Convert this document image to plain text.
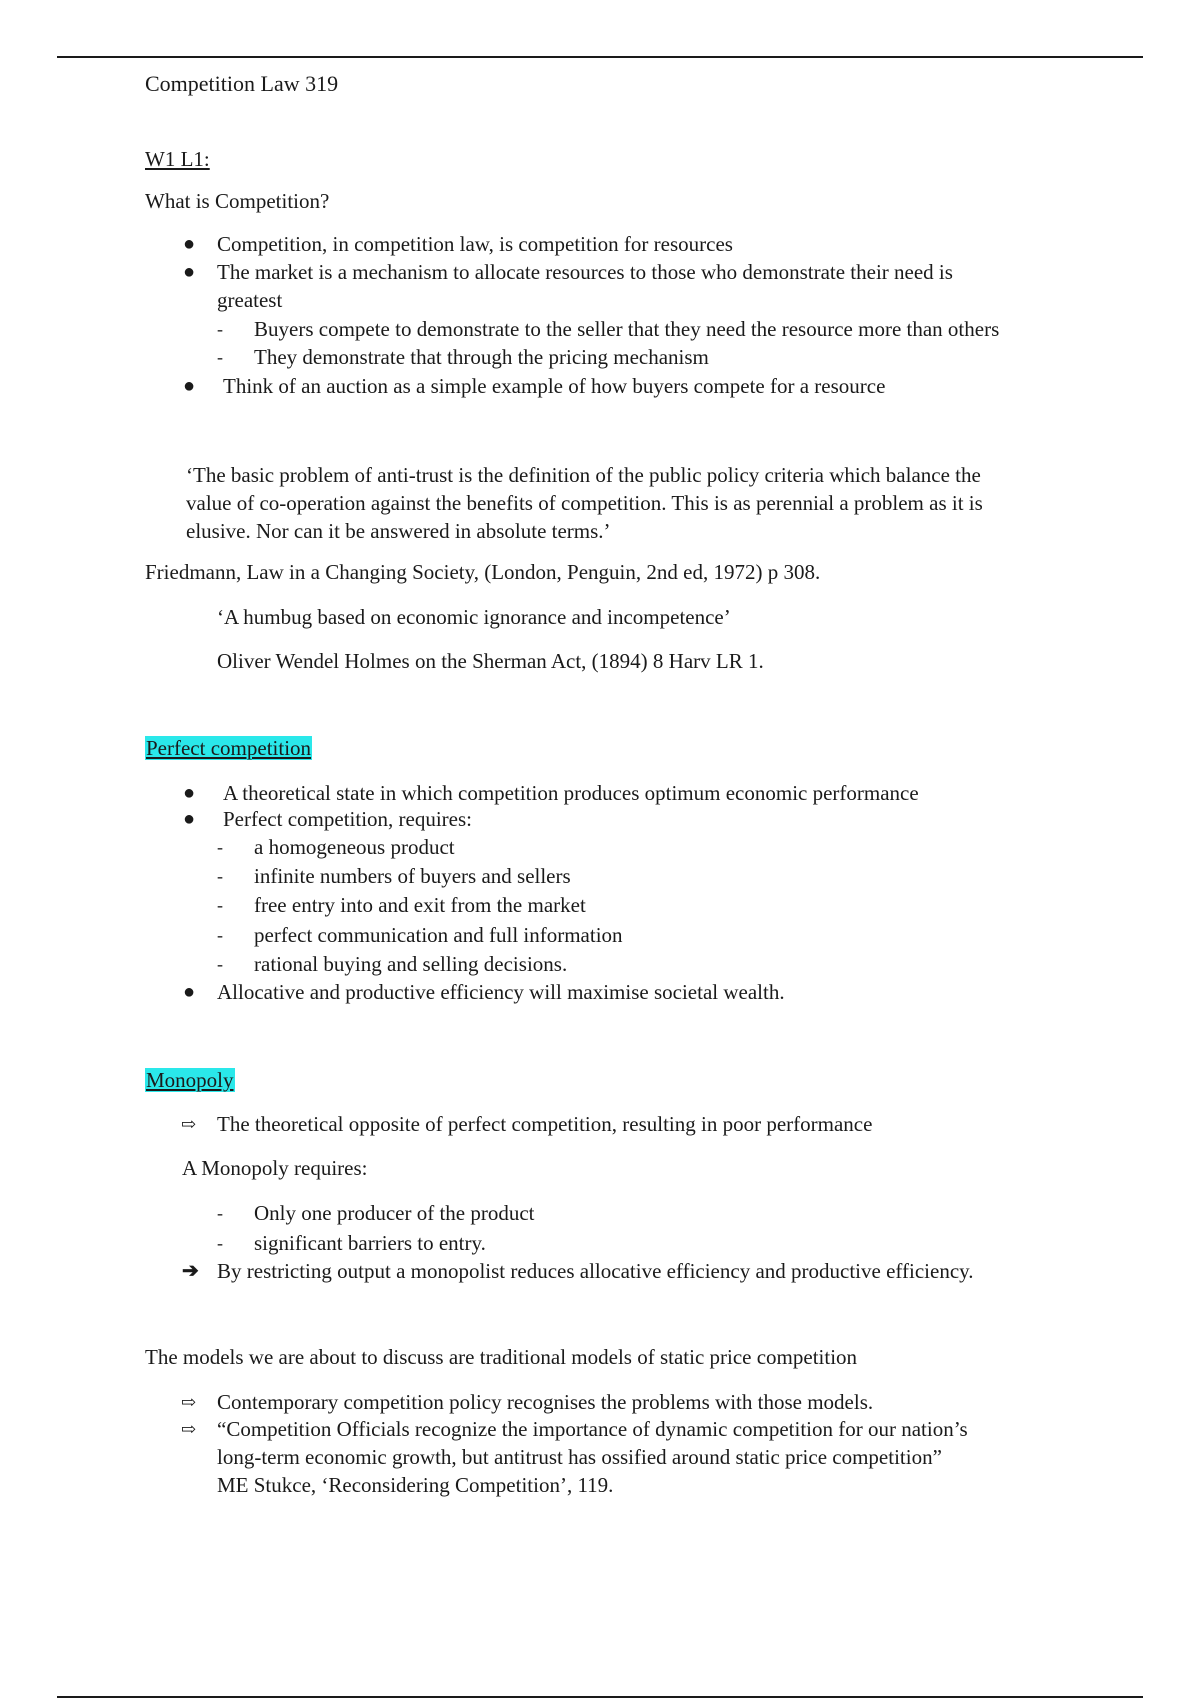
Competition Law 319
W1 L1:
What is Competition?
● Competition, in competition law, is competition for resources
● The market is a mechanism to allocate resources to those who demonstrate their need is
greatest
- Buyers compete to demonstrate to the seller that they need the resource more than others
- They demonstrate that through the pricing mechanism
● Think of an auction as a simple example of how buyers compete for a resource
‘The basic problem of anti-trust is the definition of the public policy criteria which balance the
value of co-operation against the benefits of competition. This is as perennial a problem as it is
elusive. Nor can it be answered in absolute terms.’
Friedmann, Law in a Changing Society, (London, Penguin, 2nd ed, 1972) p 308.
‘A humbug based on economic ignorance and incompetence’
Oliver Wendel Holmes on the Sherman Act, (1894) 8 Harv LR 1.
Perfect competition
● A theoretical state in which competition produces optimum economic performance
● Perfect competition, requires:
- a homogeneous product
- infinite numbers of buyers and sellers
- free entry into and exit from the market
- perfect communication and full information
- rational buying and selling decisions.
● Allocative and productive efficiency will maximise societal wealth.
Monopoly
⇨ The theoretical opposite of perfect competition, resulting in poor performance
A Monopoly requires:
- Only one producer of the product
- significant barriers to entry.
➔ By restricting output a monopolist reduces allocative efficiency and productive efficiency.
The models we are about to discuss are traditional models of static price competition
⇨ Contemporary competition policy recognises the problems with those models.
⇨ “Competition Officials recognize the importance of dynamic competition for our nation’s
long-term economic growth, but antitrust has ossified around static price competition”
ME Stukce, ‘Reconsidering Competition’, 119.
